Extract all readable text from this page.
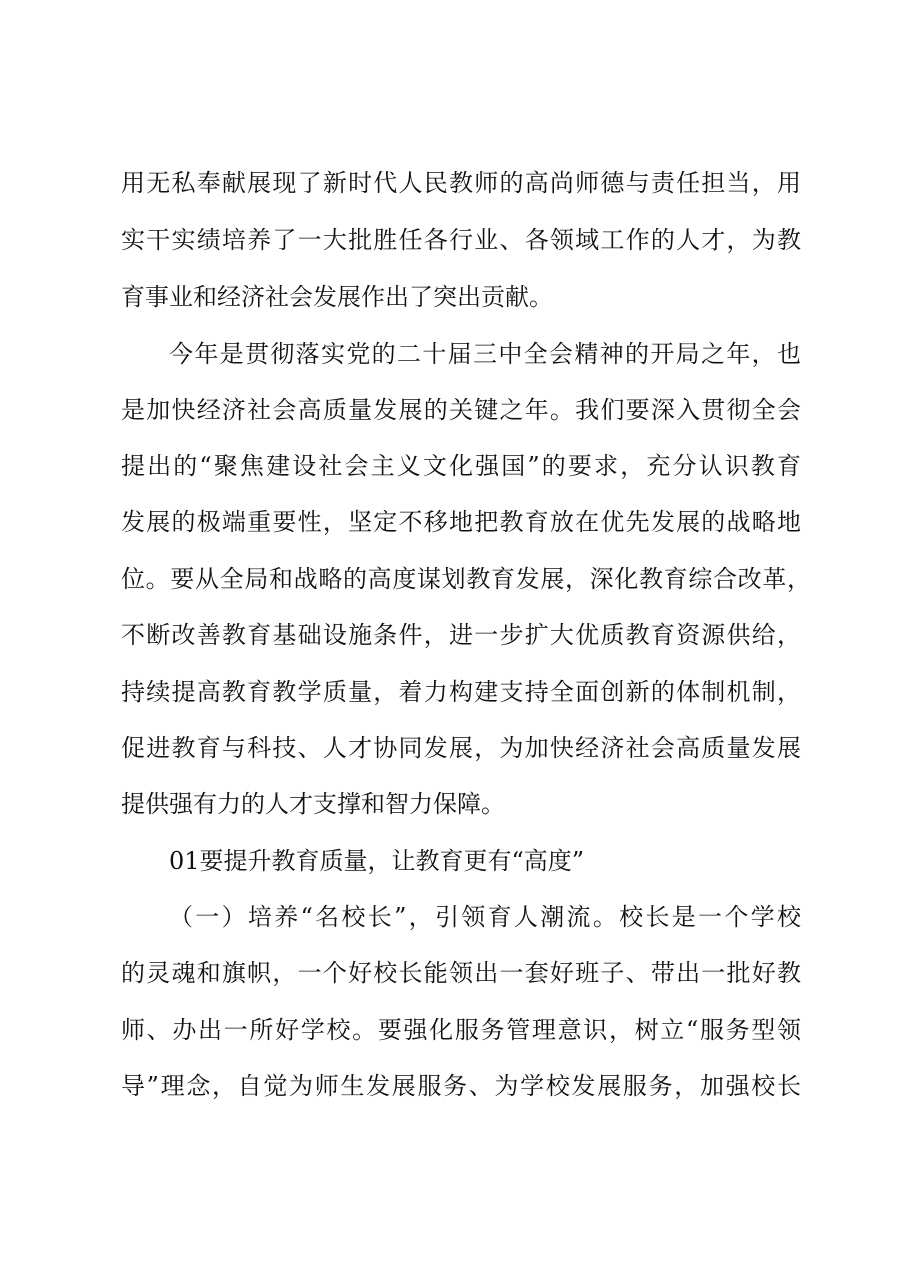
用无私奉献展现了新时代人民教师的高尚师德与责任担当，用
实干实绩培养了一大批胜任各行业、各领域工作的人才，为教
育事业和经济社会发展作出了突出贡献。
今年是贯彻落实党的二十届三中全会精神的开局之年，也
是加快经济社会高质量发展的关键之年。我们要深入贯彻全会
提出的“聚焦建设社会主义文化强国”的要求，充分认识教育
发展的极端重要性，坚定不移地把教育放在优先发展的战略地
位。要从全局和战略的高度谋划教育发展，深化教育综合改革，
不断改善教育基础设施条件，进一步扩大优质教育资源供给，
持续提高教育教学质量，着力构建支持全面创新的体制机制，
促进教育与科技、人才协同发展，为加快经济社会高质量发展
提供强有力的人才支撑和智力保障。
01要提升教育质量，让教育更有“高度”
（一）培养“名校长”，引领育人潮流。校长是一个学校
的灵魂和旗帜，一个好校长能领出一套好班子、带出一批好教
师、办出一所好学校。要强化服务管理意识，树立“服务型领
导”理念，自觉为师生发展服务、为学校发展服务，加强校长
